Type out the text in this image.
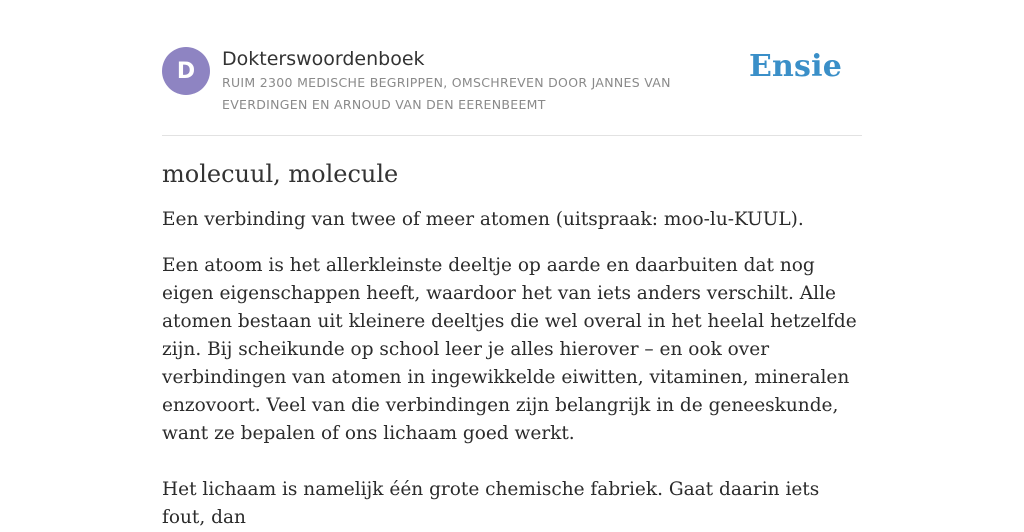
D	Dokterswoordenboek
RUIM 2300 MEDISCHE BEGRIPPEN, OMSCHREVEN DOOR JANNES VAN EVERDINGEN EN ARNOUD VAN DEN EERENBEEMT
Ensie
molecuul, molecule

Een verbinding van twee of meer atomen (uitspraak: moo-lu-KUUL).

Een atoom is het allerkleinste deeltje op aarde en daarbuiten dat nog eigen eigenschappen heeft, waardoor het van iets anders verschilt. Alle atomen bestaan uit kleinere deeltjes die wel overal in het heelal hetzelfde zijn. Bij scheikunde op school leer je alles hierover – en ook over verbindingen van atomen in ingewikkelde eiwitten, vitaminen, mineralen enzovoort. Veel van die verbindingen zijn belangrijk in de geneeskunde, want ze bepalen of ons lichaam goed werkt.

Het lichaam is namelijk één grote chemische fabriek. Gaat daarin iets fout, dan
